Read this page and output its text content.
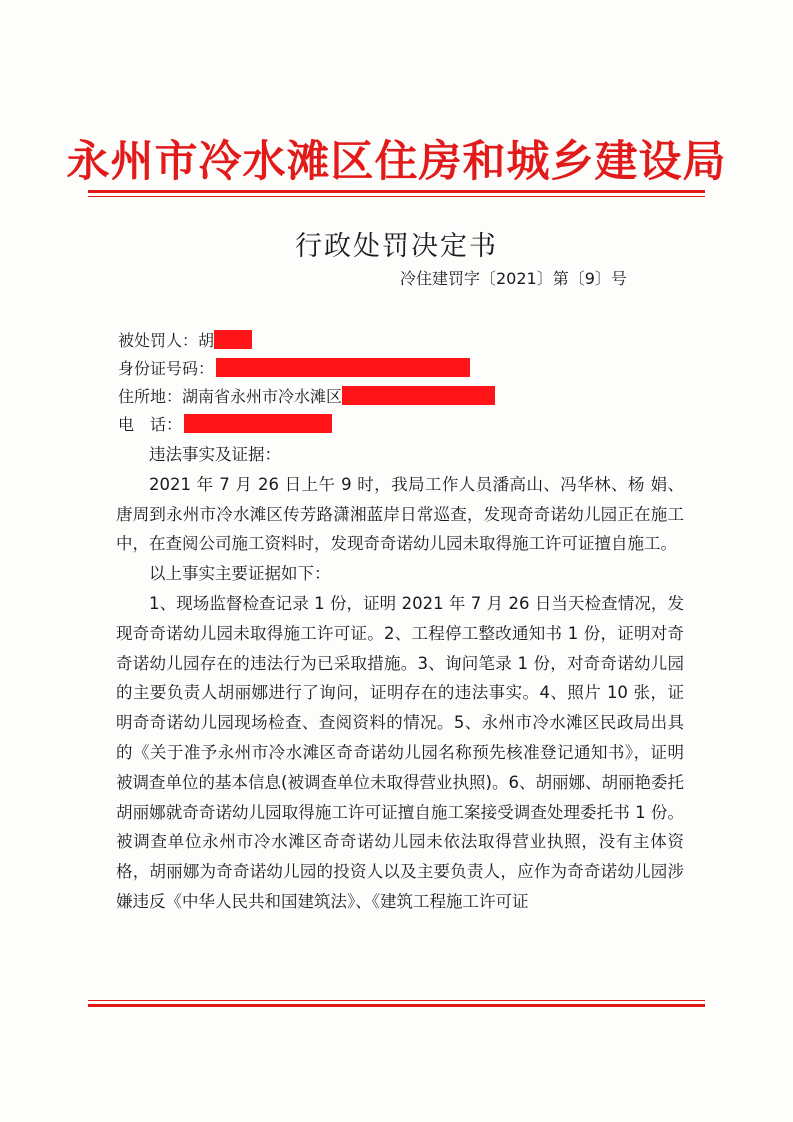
永州市冷水滩区住房和城乡建设局
行政处罚决定书
冷住建罚字〔2021〕第〔9〕号
被处罚人：胡
身份证号码：
住所地：湖南省永州市冷水滩区
电　话：

违法事实及证据：

2021 年 7 月 26 日上午 9 时，我局工作人员潘高山、冯华林、杨 娟、唐周到永州市冷水滩区传芳路潇湘蓝岸日常巡查，发现奇奇诺幼儿园正在施工中，在查阅公司施工资料时，发现奇奇诺幼儿园未取得施工许可证擅自施工。

以上事实主要证据如下：

1、现场监督检查记录 1 份，证明 2021 年 7 月 26 日当天检查情况，发现奇奇诺幼儿园未取得施工许可证。2、工程停工整改通知书 1 份，证明对奇奇诺幼儿园存在的违法行为已采取措施。3、询问笔录 1 份，对奇奇诺幼儿园的主要负责人胡丽娜进行了询问，证明存在的违法事实。4、照片 10 张，证明奇奇诺幼儿园现场检查、查阅资料的情况。5、永州市冷水滩区民政局出具的《关于准予永州市冷水滩区奇奇诺幼儿园名称预先核准登记通知书》，证明被调查单位的基本信息(被调查单位未取得营业执照)。6、胡丽娜、胡丽艳委托胡丽娜就奇奇诺幼儿园取得施工许可证擅自施工案接受调查处理委托书 1 份。被调查单位永州市冷水滩区奇奇诺幼儿园未依法取得营业执照，没有主体资格，胡丽娜为奇奇诺幼儿园的投资人以及主要负责人，应作为奇奇诺幼儿园涉嫌违反《中华人民共和国建筑法》、《建筑工程施工许可证
